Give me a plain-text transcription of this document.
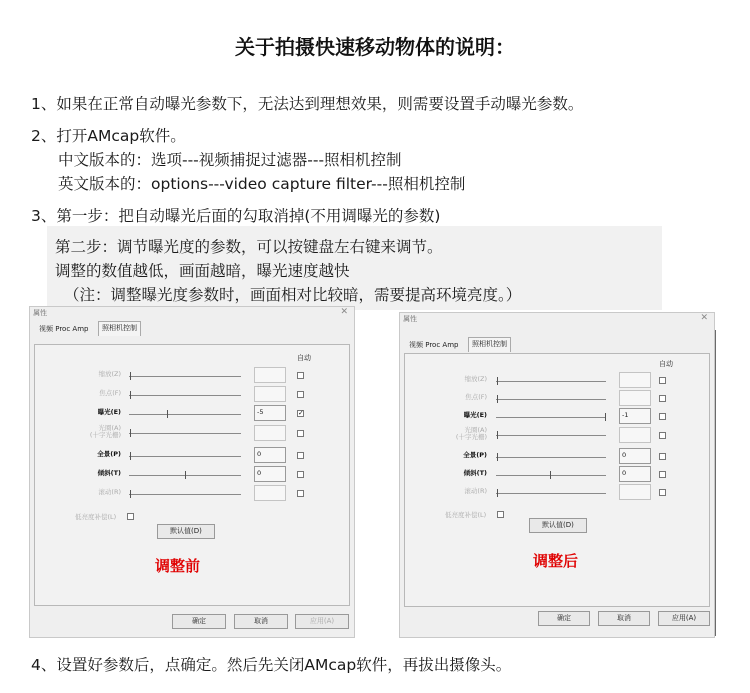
关于拍摄快速移动物体的说明：
1、如果在正常自动曝光参数下，无法达到理想效果，则需要设置手动曝光参数。
2、打开AMcap软件。
中文版本的：选项---视频捕捉过滤器---照相机控制
英文版本的：options---video capture filter---照相机控制
3、第一步：把自动曝光后面的勾取消掉(不用调曝光的参数)
第二步：调节曝光度的参数，可以按键盘左右键来调节。
调整的数值越低，画面越暗，曝光速度越快
（注：调整曝光度参数时，画面相对比较暗，需要提高环境亮度。）
属性	✕
视频 Proc Amp	照相机控制
自动
缩放(Z)
焦点(F)
曝光(E)	-5	✓
光圈(A)
(十字光栅)
全景(P)	0
倾斜(T)	0
滚动(R)
低亮度补偿(L)
默认值(D)
调整前
确定	取消	应用(A)
属性	✕
视频 Proc Amp	照相机控制
自动
缩放(Z)
焦点(F)
曝光(E)	-1
光圈(A)
(十字光栅)
全景(P)	0
倾斜(T)	0
滚动(R)
低亮度补偿(L)
默认值(D)
调整后
确定	取消	应用(A)
4、设置好参数后，点确定。然后先关闭AMcap软件，再拔出摄像头。
